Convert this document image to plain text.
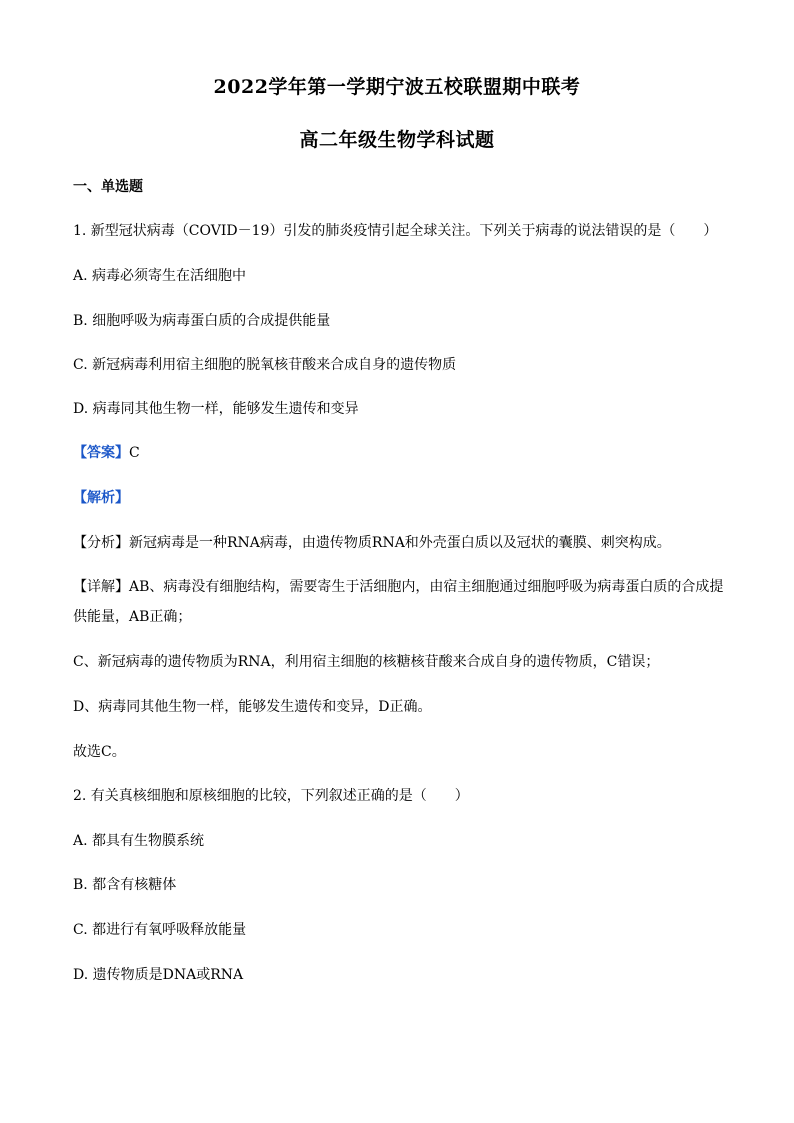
2022学年第一学期宁波五校联盟期中联考
高二年级生物学科试题
一、单选题
1. 新型冠状病毒（COVID－19）引发的肺炎疫情引起全球关注。下列关于病毒的说法错误的是（　　）
A. 病毒必须寄生在活细胞中
B. 细胞呼吸为病毒蛋白质的合成提供能量
C. 新冠病毒利用宿主细胞的脱氧核苷酸来合成自身的遗传物质
D. 病毒同其他生物一样，能够发生遗传和变异
【答案】C
【解析】
【分析】新冠病毒是一种RNA病毒，由遗传物质RNA和外壳蛋白质以及冠状的囊膜、刺突构成。
【详解】AB、病毒没有细胞结构，需要寄生于活细胞内，由宿主细胞通过细胞呼吸为病毒蛋白质的合成提
供能量，AB正确；
C、新冠病毒的遗传物质为RNA，利用宿主细胞的核糖核苷酸来合成自身的遗传物质，C错误；
D、病毒同其他生物一样，能够发生遗传和变异，D正确。
故选C。
2. 有关真核细胞和原核细胞的比较，下列叙述正确的是（　　）
A. 都具有生物膜系统
B. 都含有核糖体
C. 都进行有氧呼吸释放能量
D. 遗传物质是DNA或RNA
